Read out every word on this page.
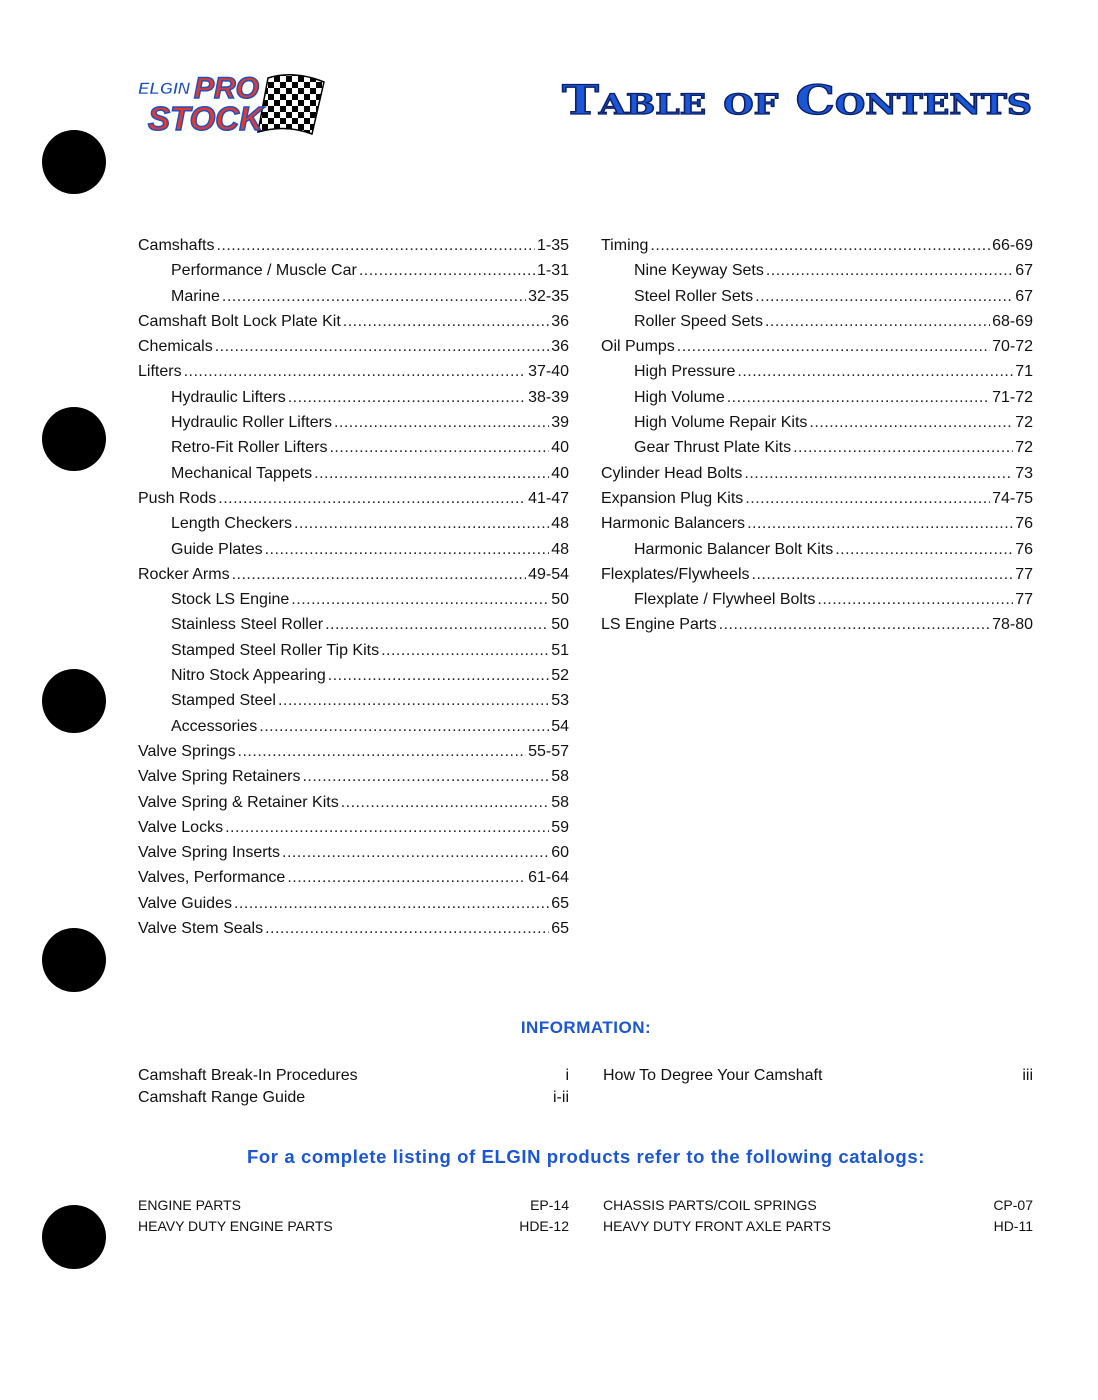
ELGIN PRO
STOCK	Table of Contents
Camshafts .....	1-35
Performance / Muscle Car .....	1-31
Marine .....	32-35
Camshaft Bolt Lock Plate Kit .....	36
Chemicals .....	36
Lifters .....	37-40
Hydraulic Lifters .....	38-39
Hydraulic Roller Lifters .....	39
Retro-Fit Roller Lifters .....	40
Mechanical Tappets .....	40
Push Rods .....	41-47
Length Checkers .....	48
Guide Plates .....	48
Rocker Arms .....	49-54
Stock LS Engine .....	50
Stainless Steel Roller .....	50
Stamped Steel Roller Tip Kits .....	51
Nitro Stock Appearing .....	52
Stamped Steel .....	53
Accessories .....	54
Valve Springs .....	55-57
Valve Spring Retainers .....	58
Valve Spring & Retainer Kits .....	58
Valve Locks .....	59
Valve Spring Inserts .....	60
Valves, Performance .....	61-64
Valve Guides .....	65
Valve Stem Seals .....	65
Timing .....	66-69
Nine Keyway Sets .....	67
Steel Roller Sets .....	67
Roller Speed Sets .....	68-69
Oil Pumps .....	70-72
High Pressure .....	71
High Volume .....	71-72
High Volume Repair Kits .....	72
Gear Thrust Plate Kits .....	72
Cylinder Head Bolts .....	73
Expansion Plug Kits .....	74-75
Harmonic Balancers .....	76
Harmonic Balancer Bolt Kits .....	76
Flexplates/Flywheels .....	77
Flexplate / Flywheel Bolts .....	77
LS Engine Parts .....	78-80
INFORMATION:
Camshaft Break-In Procedures	i
Camshaft Range Guide	i-ii
How To Degree Your Camshaft	iii
For a complete listing of ELGIN products refer to the following catalogs:
ENGINE PARTS	EP-14
HEAVY DUTY ENGINE PARTS	HDE-12
CHASSIS PARTS/COIL SPRINGS	CP-07
HEAVY DUTY FRONT AXLE PARTS	HD-11
